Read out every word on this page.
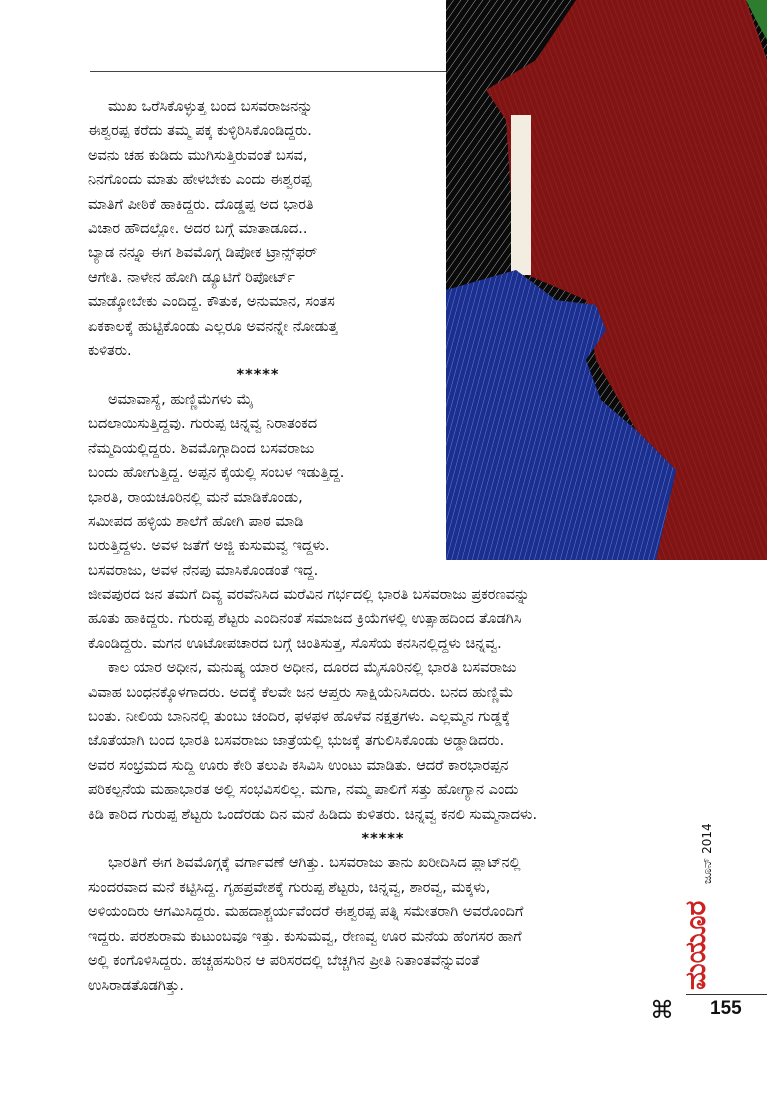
ಮುಖ ಒರೆಸಿಕೊಳ್ಳುತ್ತ ಬಂದ ಬಸವರಾಜನನ್ನು

ಈಶ್ವರಪ್ಪ ಕರೆದು ತಮ್ಮ ಪಕ್ಕ ಕುಳ್ಳಿರಿಸಿಕೊಂಡಿದ್ದರು.

ಅವನು ಚಹ ಕುಡಿದು ಮುಗಿಸುತ್ತಿರುವಂತೆ ಬಸವ,

ನಿನಗೊಂದು ಮಾತು ಹೇಳಬೇಕು ಎಂದು ಈಶ್ವರಪ್ಪ

ಮಾತಿಗೆ ಪೀಠಿಕೆ ಹಾಕಿದ್ದರು. ದೊಡ್ಡಪ್ಪ ಅದ ಭಾರತಿ

ವಿಚಾರ ಹೌದಲ್ಲೋ. ಅದರ ಬಗ್ಗೆ ಮಾತಾಡೂದ..

ಬ್ಯಾಡ ನನ್ನೂ ಈಗ ಶಿವಮೊಗ್ಗ ಡಿಪೋಕ ಟ್ರಾನ್ಸ್‌ಫರ್

ಆಗೇತಿ. ನಾಳೇನ ಹೋಗಿ ಡ್ಯೂಟಿಗೆ ರಿಪೋರ್ಟ್

ಮಾಡ್ಕೋಬೇಕು ಎಂದಿದ್ದ. ಕೌತುಕ, ಅನುಮಾನ, ಸಂತಸ

ಏಕಕಾಲಕ್ಕೆ ಹುಟ್ಟಿಕೊಂಡು ಎಲ್ಲರೂ ಅವನನ್ನೇ ನೋಡುತ್ತ

ಕುಳಿತರು.

*****

ಅಮಾವಾಸ್ಯೆ, ಹುಣ್ಣಿಮೆಗಳು ಮೈ

ಬದಲಾಯಿಸುತ್ತಿದ್ದವು. ಗುರುಪ್ಪ ಚಿನ್ನವ್ವ ನಿರಾತಂಕದ

ನೆಮ್ಮದಿಯಲ್ಲಿದ್ದರು. ಶಿವಮೊಗ್ಗಾದಿಂದ ಬಸವರಾಜು

ಬಂದು ಹೋಗುತ್ತಿದ್ದ. ಅಪ್ಪನ ಕೈಯಲ್ಲಿ ಸಂಬಳ ಇಡುತ್ತಿದ್ದ.

ಭಾರತಿ, ರಾಯಚೂರಿನಲ್ಲಿ ಮನೆ ಮಾಡಿಕೊಂಡು,

ಸಮೀಪದ ಹಳ್ಳಿಯ ಶಾಲೆಗೆ ಹೋಗಿ ಪಾಠ ಮಾಡಿ

ಬರುತ್ತಿದ್ದಳು. ಅವಳ ಜತೆಗೆ ಅಜ್ಜಿ ಕುಸುಮವ್ವ ಇದ್ದಳು.

ಬಸವರಾಜು, ಅವಳ ನೆನಪು ಮಾಸಿಕೊಂಡಂತೆ ಇದ್ದ.

ಜೀವಪುರದ ಜನ ತಮಗೆ ದಿವ್ಯ ವರವೆನಿಸಿದ ಮರೆವಿನ ಗರ್ಭದಲ್ಲಿ ಭಾರತಿ ಬಸವರಾಜು ಪ್ರಕರಣವನ್ನು

ಹೂತು ಹಾಕಿದ್ದರು. ಗುರುಪ್ಪ ಶೆಟ್ಟರು ಎಂದಿನಂತೆ ಸಮಾಜದ ಕ್ರಿಯೆಗಳಲ್ಲಿ ಉತ್ಸಾಹದಿಂದ ತೊಡಗಿಸಿ

ಕೊಂಡಿದ್ದರು. ಮಗನ ಊಟೋಪಚಾರದ ಬಗ್ಗೆ ಚಿಂತಿಸುತ್ತ, ಸೊಸೆಯ ಕನಸಿನಲ್ಲಿದ್ದಳು ಚಿನ್ನವ್ವ.

ಕಾಲ ಯಾರ ಅಧೀನ, ಮನುಷ್ಯ ಯಾರ ಅಧೀನ, ದೂರದ ಮೈಸೂರಿನಲ್ಲಿ ಭಾರತಿ ಬಸವರಾಜು

ವಿವಾಹ ಬಂಧನಕ್ಕೊಳಗಾದರು. ಅದಕ್ಕೆ ಕೆಲವೇ ಜನ ಆಪ್ತರು ಸಾಕ್ಷಿಯೆನಿಸಿದರು. ಬನದ ಹುಣ್ಣಿಮೆ

ಬಂತು. ನೀಲಿಯ ಬಾನಿನಲ್ಲಿ ತುಂಬು ಚಂದಿರ, ಫಳಫಳ ಹೊಳೆವ ನಕ್ಷತ್ರಗಳು. ಎಲ್ಲಮ್ಮನ ಗುಡ್ಡಕ್ಕೆ

ಜೊತೆಯಾಗಿ ಬಂದ ಭಾರತಿ ಬಸವರಾಜು ಜಾತ್ರೆಯಲ್ಲಿ ಭುಜಕ್ಕೆ ತಗುಲಿಸಿಕೊಂಡು ಅಡ್ಡಾಡಿದರು.

ಅವರ ಸಂಭ್ರಮದ ಸುದ್ದಿ ಊರು ಕೇರಿ ತಲುಪಿ ಕಸಿವಿಸಿ ಉಂಟು ಮಾಡಿತು. ಆದರೆ ಕಾರಭಾರಪ್ಪನ

ಪರಿಕಲ್ಪನೆಯ ಮಹಾಭಾರತ ಅಲ್ಲಿ ಸಂಭವಿಸಲಿಲ್ಲ. ಮಗಾ, ನಮ್ಮ ಪಾಲಿಗೆ ಸತ್ತು ಹೋಗ್ಯಾನ ಎಂದು

ಕಿಡಿ ಕಾರಿದ ಗುರುಪ್ಪ ಶೆಟ್ಟರು ಒಂದೆರಡು ದಿನ ಮನೆ ಹಿಡಿದು ಕುಳಿತರು. ಚಿನ್ನವ್ವ ಕನಲಿ ಸುಮ್ಮನಾದಳು.

*****

ಭಾರತಿಗೆ ಈಗ ಶಿವಮೊಗ್ಗಕ್ಕೆ ವರ್ಗಾವಣೆ ಆಗಿತ್ತು. ಬಸವರಾಜು ತಾನು ಖರೀದಿಸಿದ ಪ್ಲಾಟ್‌ನಲ್ಲಿ

ಸುಂದರವಾದ ಮನೆ ಕಟ್ಟಿಸಿದ್ದ. ಗೃಹಪ್ರವೇಶಕ್ಕೆ ಗುರುಪ್ಪ ಶೆಟ್ಟರು, ಚಿನ್ನವ್ವ, ಶಾರವ್ವ, ಮಕ್ಕಳು,

ಅಳಿಯಂದಿರು ಆಗಮಿಸಿದ್ದರು. ಮಹದಾಶ್ಚರ್ಯವೆಂದರೆ ಈಶ್ವರಪ್ಪ ಪತ್ನಿ ಸಮೇತರಾಗಿ ಅವರೊಂದಿಗೆ

ಇದ್ದರು. ಪರಶುರಾಮ ಕುಟುಂಬವೂ ಇತ್ತು. ಕುಸುಮವ್ವ, ರೇಣವ್ವ ಊರ ಮನೆಯ ಹೆಂಗಸರ ಹಾಗೆ

ಅಲ್ಲಿ ಕಂಗೊಳಿಸಿದ್ದರು. ಹಚ್ಚಹಸುರಿನ ಆ ಪರಿಸರದಲ್ಲಿ ಬೆಚ್ಚಗಿನ ಪ್ರೀತಿ ನಿತಾಂತವೆನ್ನುವಂತೆ

ಉಸಿರಾಡತೊಡಗಿತ್ತು.	ಮಯೂರ
ಜೂನ್ 2014
⌘ 155
